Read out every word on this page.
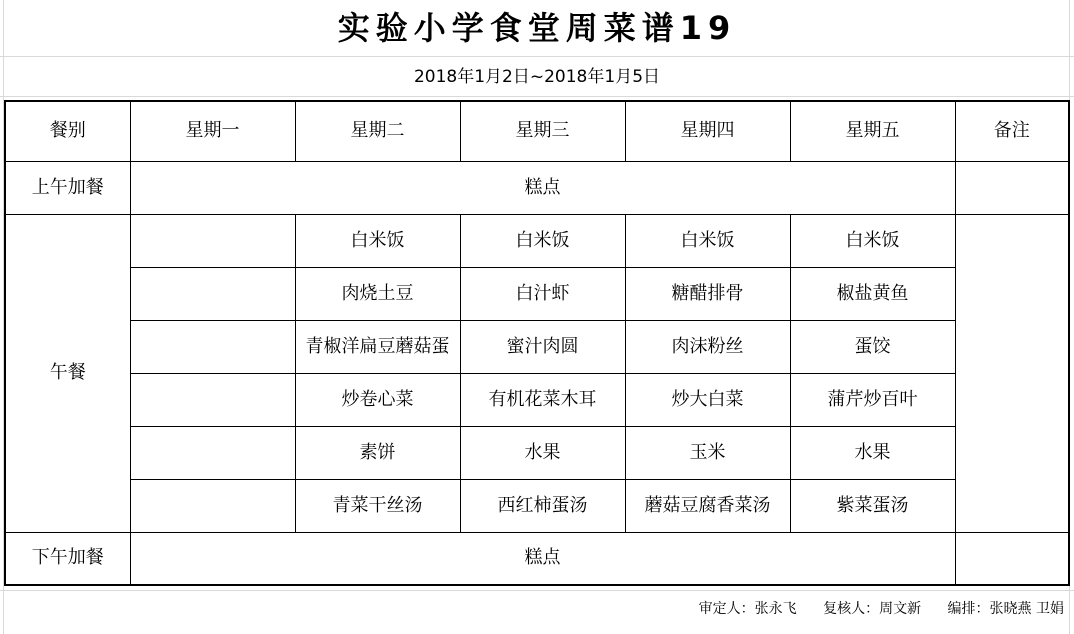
实验小学食堂周菜谱19
2018年1月2日~2018年1月5日
餐别	星期一	星期二	星期三	星期四	星期五	备注
上午加餐	糕点					
午餐		白米饭	白米饭	白米饭	白米饭	
		肉烧土豆	白汁虾	糖醋排骨	椒盐黄鱼	
		青椒洋扁豆蘑菇蛋	蜜汁肉圆	肉沫粉丝	蛋饺	
		炒卷心菜	有机花菜木耳	炒大白菜	蒲芹炒百叶	
		素饼	水果	玉米	水果	
		青菜干丝汤	西红柿蛋汤	蘑菇豆腐香菜汤	紫菜蛋汤	
下午加餐	糕点					
审定人：张永飞 复核人：周文新 编排：张晓燕 卫娟
